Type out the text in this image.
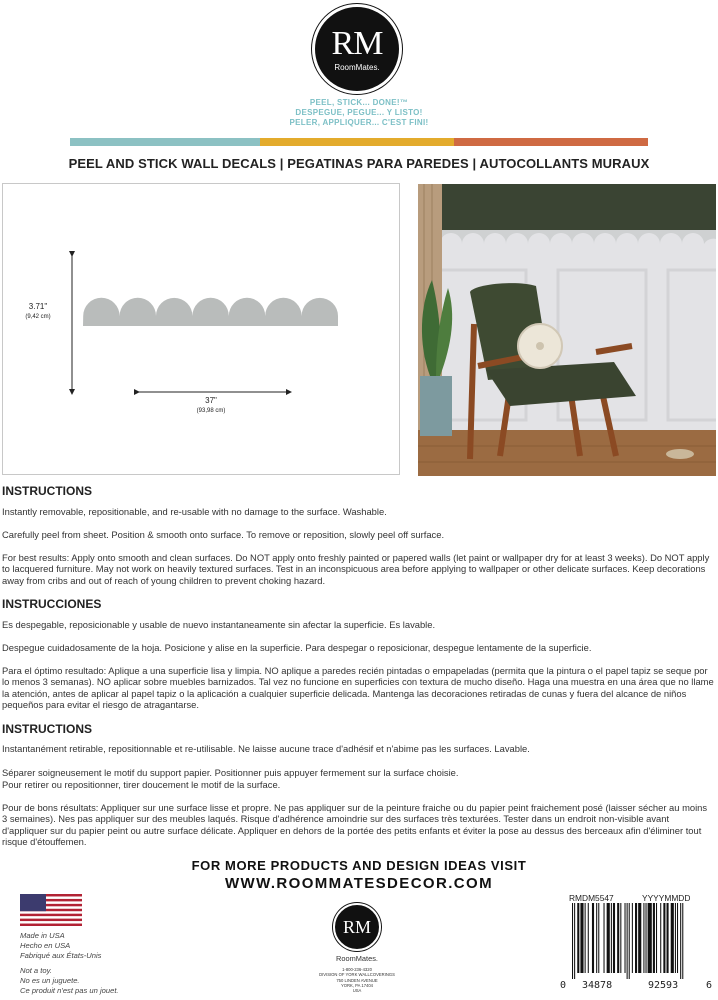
RM
RoomMates.
PEEL, STICK... DONE!™
DESPEGUE, PEGUE... Y LISTO!
PELER, APPLIQUER... C'EST FINI!
PEEL AND STICK WALL DECALS | PEGATINAS PARA PAREDES | AUTOCOLLANTS MURAUX
3.71"
(9,42 cm)
37"
(93,98 cm)
INSTRUCTIONS
Instantly removable, repositionable, and re-usable with no damage to the surface. Washable.
Carefully peel from sheet. Position & smooth onto surface. To remove or reposition, slowly peel off surface.
For best results: Apply onto smooth and clean surfaces. Do NOT apply onto freshly painted or papered walls (let paint or wallpaper dry for at least 3 weeks). Do NOT apply to lacquered furniture. May not work on heavily textured surfaces. Test in an inconspicuous area before applying to wallpaper or other delicate surfaces. Keep decorations away from cribs and out of reach of young children to prevent choking hazard.
INSTRUCCIONES
Es despegable, reposicionable y usable de nuevo instantaneamente sin afectar la superficie. Es lavable.
Despegue cuidadosamente de la hoja. Posicione y alise en la superficie. Para despegar o reposicionar, despegue lentamente de la superficie.
Para el óptimo resultado: Aplique a una superficie lisa y limpia. NO aplique a paredes recién pintadas o empapeladas (permita que la pintura o el papel tapiz se seque por lo menos 3 semanas). NO aplicar sobre muebles barnizados. Tal vez no funcione en superficies con textura de mucho diseño. Haga una muestra en una área que no llame la atención, antes de aplicar al papel tapiz o la aplicación a cualquier superficie delicada. Mantenga las decoraciones retiradas de cunas y fuera del alcance de niños pequeños para evitar el riesgo de atragantarse.
INSTRUCTIONS
Instantanément retirable, repositionnable et re-utilisable. Ne laisse aucune trace d'adhésif et n'abime pas les surfaces. Lavable.
Séparer soigneusement le motif du support papier. Positionner puis appuyer fermement sur la surface choisie.
Pour retirer ou repositionner, tirer doucement le motif de la surface.
Pour de bons résultats: Appliquer sur une surface lisse et propre. Ne pas appliquer sur de la peinture fraiche ou du papier peint fraichement posé (laisser sécher au moins 3 semaines). Nes pas appliquer sur des meubles laqués. Risque d'adhérence amoindrie sur des surfaces très texturées. Tester dans un endroit non-visible avant d'appliquer sur du papier peint ou autre surface délicate. Appliquer en dehors de la portée des petits enfants et éviter la pose au dessus des berceaux afin d'éliminer tout risque d'étouffemen.
FOR MORE PRODUCTS AND DESIGN IDEAS VISIT
WWW.ROOMMATESDECOR.COM
Made in USA
Hecho en USA
Fabriqué aux États-Unis
Not a toy.
No es un juguete.
Ce produit n'est pas un jouet.
RM
RoomMates.
1-800-236-4320
DIVISION OF YORK WALLCOVERINGS
750 LINDEN AVENUE
YORK, PA 17404
USA
RMDM5547	YYYYMMDD
0 34878	92593	6
